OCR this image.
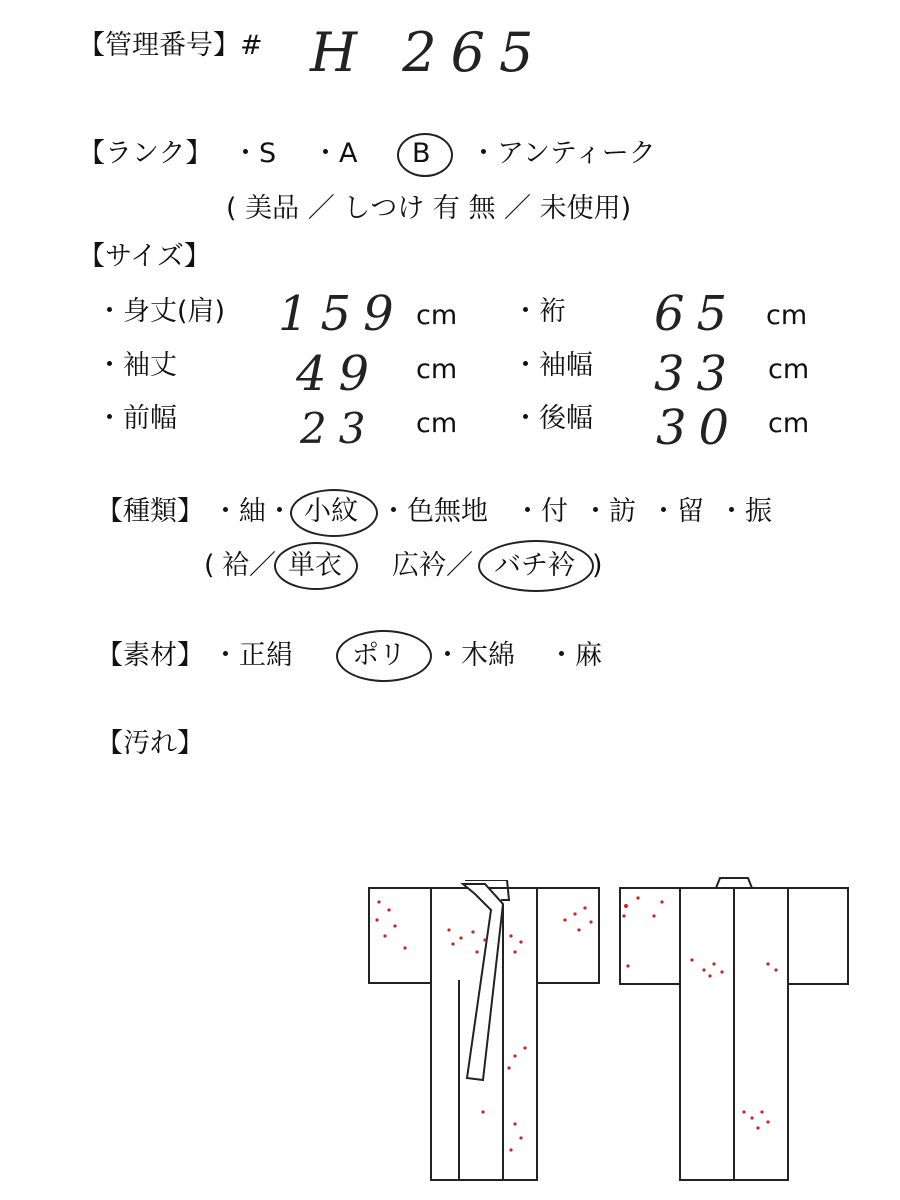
【管理番号】# H 265
【ランク】 ・S ・A B ・アンティーク
( 美品 ／ しつけ 有 無 ／ 未使用)
【サイズ】
・身丈(肩) 159 cm ・裄 65 cm
・袖丈 49 cm ・袖幅 33 cm
・前幅	23 cm ・後幅 30 cm
【種類】 ・紬 ・ 小紋 ・色無地 ・付 ・訪 ・留 ・振
( 袷／ 単衣 広衿／ バチ衿 )
【素材】 ・正絹 ポリ ・木綿 ・麻
【汚れ】
